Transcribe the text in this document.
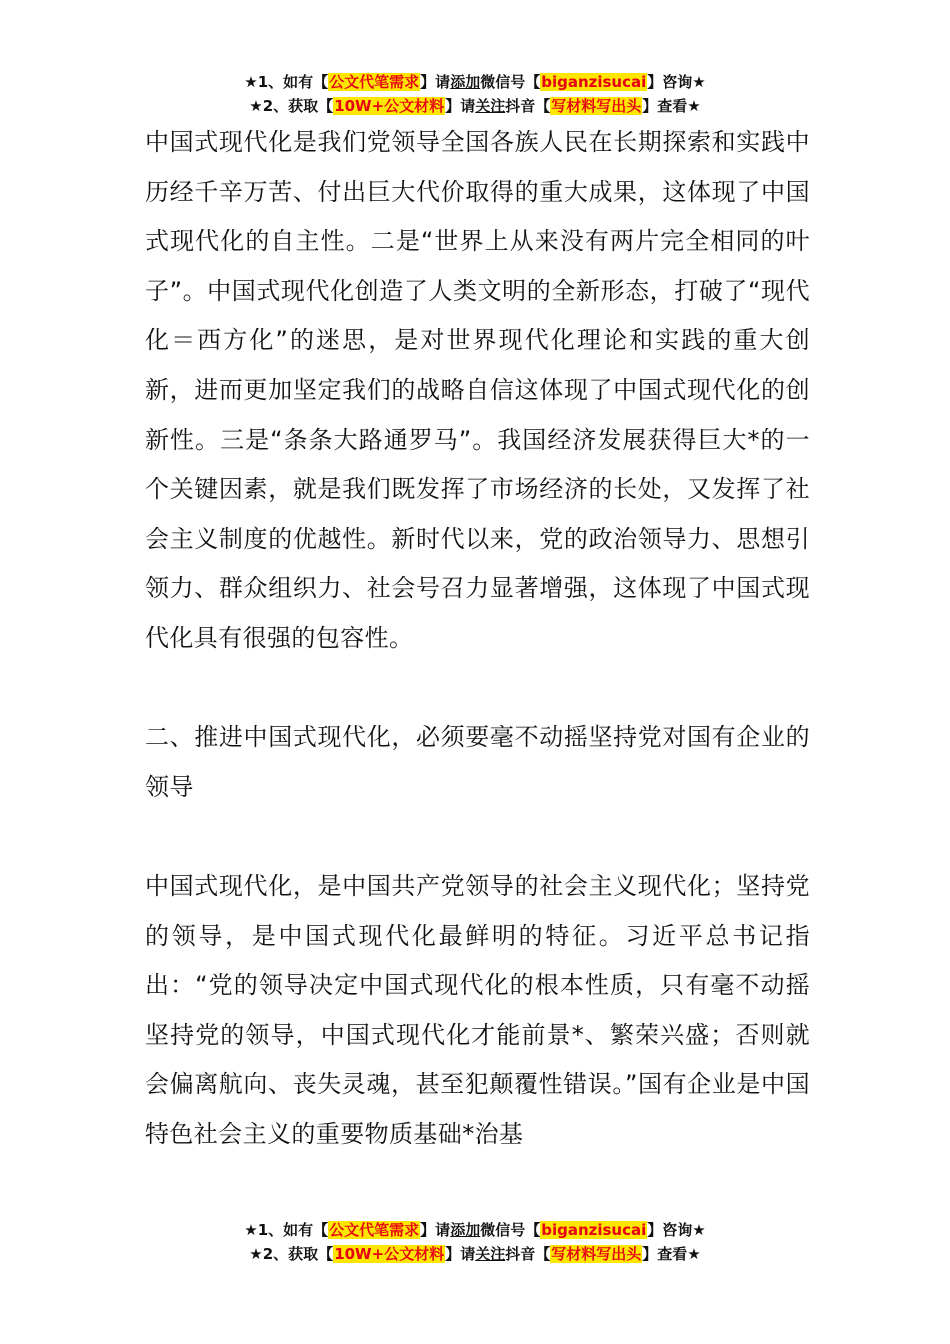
★1、如有【公文代笔需求】请添加微信号【biganzisucai】咨询★
★2、获取【10W+公文材料】请关注抖音【写材料写出头】查看★

中国式现代化是我们党领导全国各族人民在长期探索和实践中历经千辛万苦、付出巨大代价取得的重大成果，这体现了中国式现代化的自主性。二是“世界上从来没有两片完全相同的叶子”。中国式现代化创造了人类文明的全新形态，打破了“现代化＝西方化”的迷思，是对世界现代化理论和实践的重大创新，进而更加坚定我们的战略自信这体现了中国式现代化的创新性。三是“条条大路通罗马”。我国经济发展获得巨大*的一个关键因素，就是我们既发挥了市场经济的长处，又发挥了社会主义制度的优越性。新时代以来，党的政治领导力、思想引领力、群众组织力、社会号召力显著增强，这体现了中国式现代化具有很强的包容性。

二、推进中国式现代化，必须要毫不动摇坚持党对国有企业的领导

中国式现代化，是中国共产党领导的社会主义现代化；坚持党的领导，是中国式现代化最鲜明的特征。习近平总书记指出：“党的领导决定中国式现代化的根本性质，只有毫不动摇坚持党的领导，中国式现代化才能前景*、繁荣兴盛；否则就会偏离航向、丧失灵魂，甚至犯颠覆性错误。”国有企业是中国特色社会主义的重要物质基础*治基

★1、如有【公文代笔需求】请添加微信号【biganzisucai】咨询★
★2、获取【10W+公文材料】请关注抖音【写材料写出头】查看★
